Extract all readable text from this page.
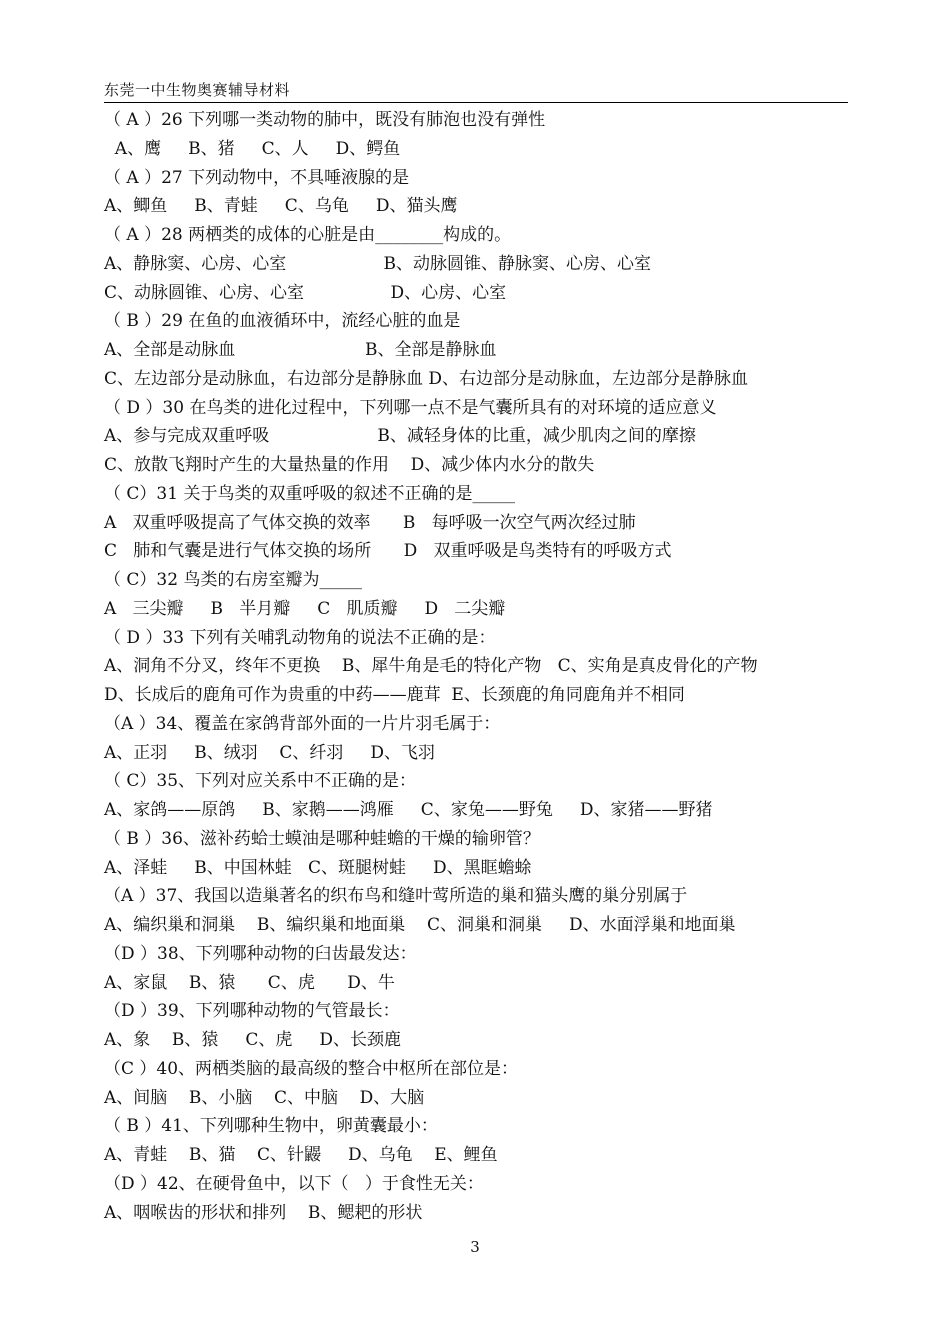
东莞一中生物奥赛辅导材料
（ A ）26 下列哪一类动物的肺中，既没有肺泡也没有弹性
A、鹰     B、猪     C、人     D、鳄鱼
（ A ）27 下列动物中，不具唾液腺的是
A、鲫鱼     B、青蛙     C、乌龟     D、猫头鹰
（ A ）28 两栖类的成体的心脏是由________构成的。
A、静脉窦、心房、心室                  B、动脉圆锥、静脉窦、心房、心室
C、动脉圆锥、心房、心室                D、心房、心室
（ B ）29 在鱼的血液循环中，流经心脏的血是
A、全部是动脉血                        B、全部是静脉血
C、左边部分是动脉血，右边部分是静脉血 D、右边部分是动脉血，左边部分是静脉血
（ D ）30 在鸟类的进化过程中，下列哪一点不是气囊所具有的对环境的适应意义
A、参与完成双重呼吸                    B、减轻身体的比重，减少肌肉之间的摩擦
C、放散飞翔时产生的大量热量的作用    D、减少体内水分的散失
（ C）31 关于鸟类的双重呼吸的叙述不正确的是_____
A   双重呼吸提高了气体交换的效率      B   每呼吸一次空气两次经过肺
C   肺和气囊是进行气体交换的场所      D   双重呼吸是鸟类特有的呼吸方式
（ C）32 鸟类的右房室瓣为_____
A   三尖瓣     B   半月瓣     C   肌质瓣     D   二尖瓣
（ D ）33 下列有关哺乳动物角的说法不正确的是：
A、洞角不分叉，终年不更换    B、犀牛角是毛的特化产物   C、实角是真皮骨化的产物
D、长成后的鹿角可作为贵重的中药——鹿茸  E、长颈鹿的角同鹿角并不相同
（A ）34、覆盖在家鸽背部外面的一片片羽毛属于：
A、正羽     B、绒羽    C、纤羽     D、飞羽
（ C）35、下列对应关系中不正确的是：
A、家鸽——原鸽     B、家鹅——鸿雁     C、家兔——野兔     D、家猪——野猪
（ B ）36、滋补药蛤士蟆油是哪种蛙蟾的干燥的输卵管？
A、泽蛙     B、中国林蛙   C、斑腿树蛙     D、黑眶蟾蜍
（A ）37、我国以造巢著名的织布鸟和缝叶莺所造的巢和猫头鹰的巢分别属于
A、编织巢和洞巢    B、编织巢和地面巢    C、洞巢和洞巢     D、水面浮巢和地面巢
（D ）38、下列哪种动物的臼齿最发达：
A、家鼠    B、猿      C、虎      D、牛
（D ）39、下列哪种动物的气管最长：
A、象    B、猿     C、虎     D、长颈鹿
（C ）40、两栖类脑的最高级的整合中枢所在部位是：
A、间脑    B、小脑    C、中脑    D、大脑
（ B ）41、下列哪种生物中，卵黄囊最小：
A、青蛙    B、猫    C、针鼹     D、乌龟    E、鲤鱼
（D ）42、在硬骨鱼中，以下（   ）于食性无关：
A、咽喉齿的形状和排列    B、鳃耙的形状
3
